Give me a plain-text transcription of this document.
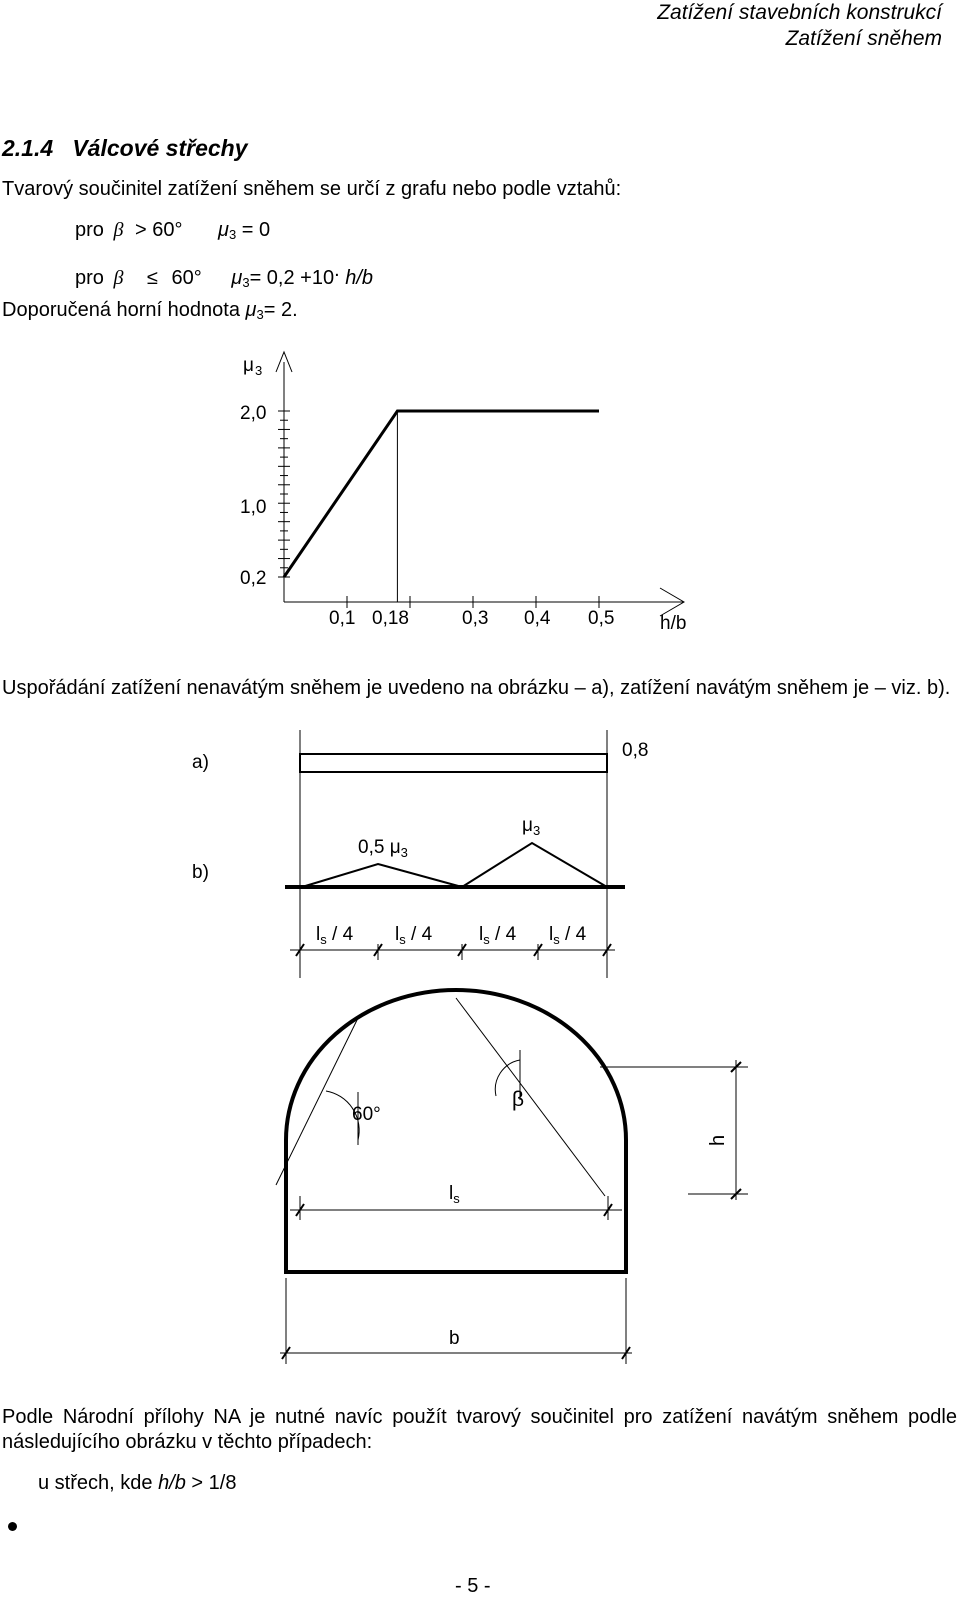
Zatížení stavebních konstrukcí
Zatížení sněhem
2.1.4 Válcové střechy
Tvarový součinitel zatížení sněhem se určí z grafu nebo podle vztahů:
pro β > 60° $\mu_3 = 0$
pro β ≤ 60° $\mu_3= 0,2 +10$. h/b
Doporučená horní hodnota $\mu_3= 2$.
μ 3
2,0
1,0
0,2
0,1 0,18	0,3 0,4 0,5 h/b
Uspořádání zatížení nenavátým sněhem je uvedeno na obrázku – a), zatížení navátým sněhem je – viz. b).
a)
0,8
b)
0,5 $\mu_3$
$\mu_3$
$l_s / 4$ $l_s / 4$ $l_s / 4$ $l_s / 4$
60°
β
h
$l_s$
b
Podle Národní přílohy NA je nutné navíc použít tvarový součinitel pro zatížení navátým sněhem podle následujícího obrázku v těchto případech:
u střech, kde h/b > 1/8
- 5 -
